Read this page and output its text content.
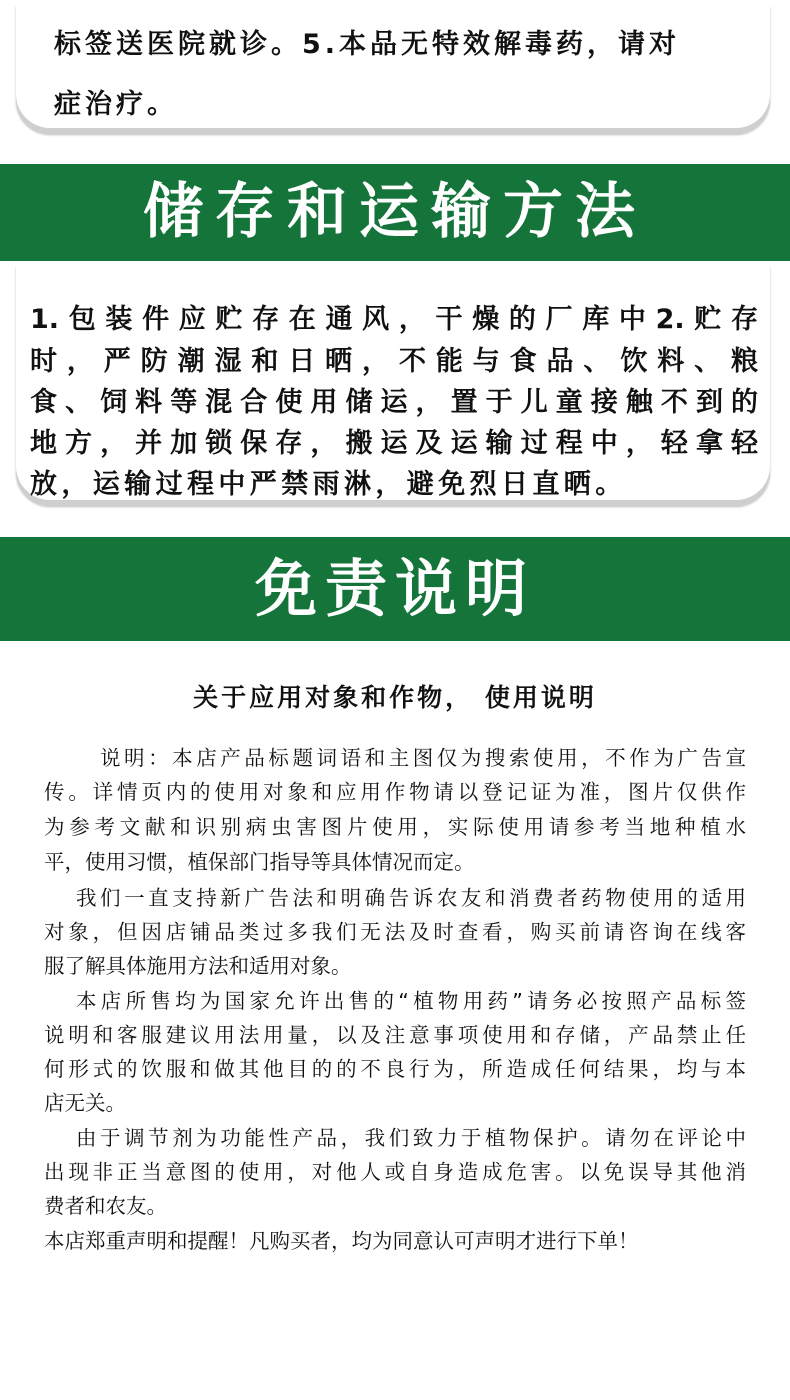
标签送医院就诊。5.本品无特效解毒药，请对
症治疗。
储存和运输方法
1.包装件应贮存在通风，干燥的厂库中2.贮存
时，严防潮湿和日晒，不能与食品、饮料、粮
食、饲料等混合使用储运，置于儿童接触不到的
地方，并加锁保存，搬运及运输过程中，轻拿轻
放，运输过程中严禁雨淋，避免烈日直晒。
免责说明
关于应用对象和作物， 使用说明
说明：本店产品标题词语和主图仅为搜索使用，不作为广告宣
传。详情页内的使用对象和应用作物请以登记证为准，图片仅供作
为参考文献和识别病虫害图片使用，实际使用请参考当地种植水
平，使用习惯，植保部门指导等具体情况而定。
我们一直支持新广告法和明确告诉农友和消费者药物使用的适用
对象，但因店铺品类过多我们无法及时查看，购买前请咨询在线客
服了解具体施用方法和适用对象。
本店所售均为国家允许出售的“植物用药”请务必按照产品标签
说明和客服建议用法用量，以及注意事项使用和存储，产品禁止任
何形式的饮服和做其他目的的不良行为，所造成任何结果，均与本
店无关。
由于调节剂为功能性产品，我们致力于植物保护。请勿在评论中
出现非正当意图的使用，对他人或自身造成危害。以免误导其他消
费者和农友。
本店郑重声明和提醒！凡购买者，均为同意认可声明才进行下单！
